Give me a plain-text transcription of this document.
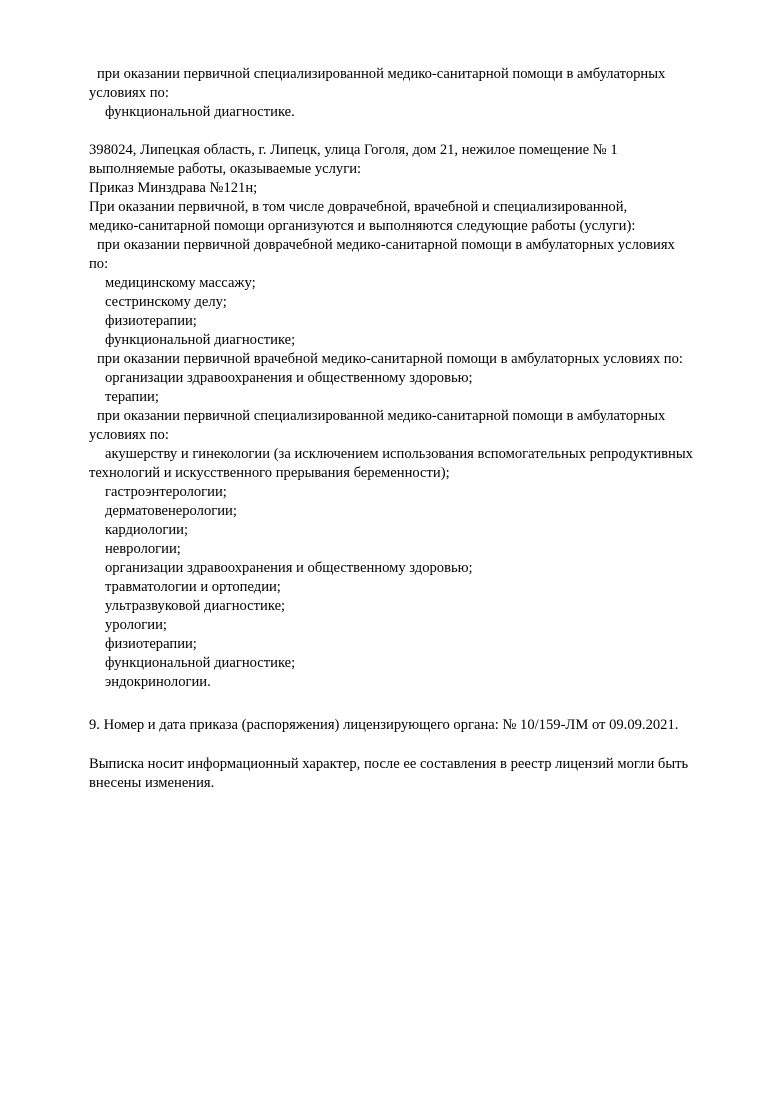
при оказании первичной специализированной медико-санитарной помощи в амбулаторных
условиях по:
функциональной диагностике.
398024, Липецкая область, г. Липецк, улица Гоголя, дом 21, нежилое помещение № 1
выполняемые работы, оказываемые услуги:
Приказ Минздрава №121н;
При оказании первичной, в том числе доврачебной, врачебной и специализированной,
медико-санитарной помощи организуются и выполняются следующие работы (услуги):
при оказании первичной доврачебной медико-санитарной помощи в амбулаторных условиях
по:
медицинскому массажу;
сестринскому делу;
физиотерапии;
функциональной диагностике;
при оказании первичной врачебной медико-санитарной помощи в амбулаторных условиях по:
организации здравоохранения и общественному здоровью;
терапии;
при оказании первичной специализированной медико-санитарной помощи в амбулаторных
условиях по:
акушерству и гинекологии (за исключением использования вспомогательных репродуктивных
технологий и искусственного прерывания беременности);
гастроэнтерологии;
дерматовенерологии;
кардиологии;
неврологии;
организации здравоохранения и общественному здоровью;
травматологии и ортопедии;
ультразвуковой диагностике;
урологии;
физиотерапии;
функциональной диагностике;
эндокринологии.
9. Номер и дата приказа (распоряжения) лицензирующего органа: № 10/159-ЛМ от 09.09.2021.
Выписка носит информационный характер, после ее составления в реестр лицензий могли быть
внесены изменения.
